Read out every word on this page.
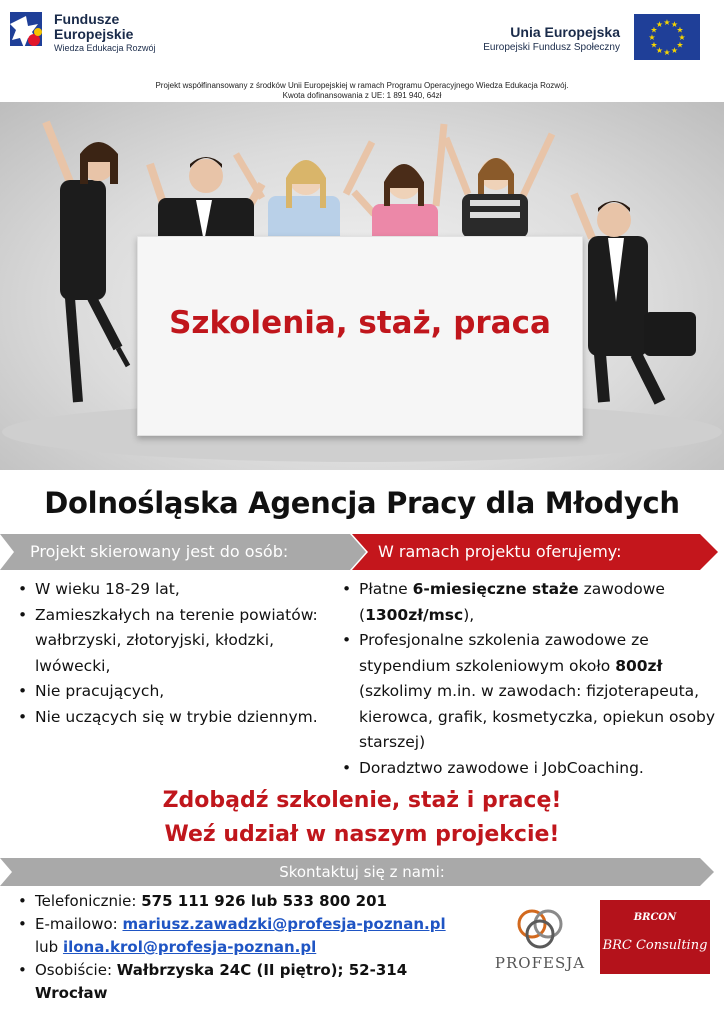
Fundusze
Europejskie
Wiedza Edukacja Rozwój
Unia Europejska
Europejski Fundusz Społeczny
★
★
★
★
★
★
★
★
★ ★ ★
★
Projekt współfinansowany z środków Unii Europejskiej w ramach Programu Operacyjnego Wiedza Edukacja Rozwój.
Kwota dofinansowania z UE: 1 891 940, 64zł
Szkolenia, staż, praca
Dolnośląska Agencja Pracy dla Młodych
Projekt skierowany jest do osób:	W ramach projektu oferujemy:
• W wieku 18-29 lat,
• Zamieszkałych na terenie powiatów: wałbrzyski, złotoryjski, kłodzki, lwówecki,
• Nie pracujących,
• Nie uczących się w trybie dziennym.
• Płatne 6-miesięczne staże zawodowe (1300zł/msc),
• Profesjonalne szkolenia zawodowe ze stypendium szkoleniowym około 800zł (szkolimy m.in. w zawodach: fizjoterapeuta, kierowca, grafik, kosmetyczka, opiekun osoby starszej)
• Doradztwo zawodowe i JobCoaching.
Zdobądź szkolenie, staż i pracę!
Weź udział w naszym projekcie!
Skontaktuj się z nami:
• Telefonicznie: 575 111 926 lub 533 800 201
• E-mailowo: mariusz.zawadzki@profesja-poznan.pl
lub ilona.krol@profesja-poznan.pl
• Osobiście: Wałbrzyska 24C (II piętro); 52-314 Wrocław
PROFESJA
BRCON
BRC Consulting
